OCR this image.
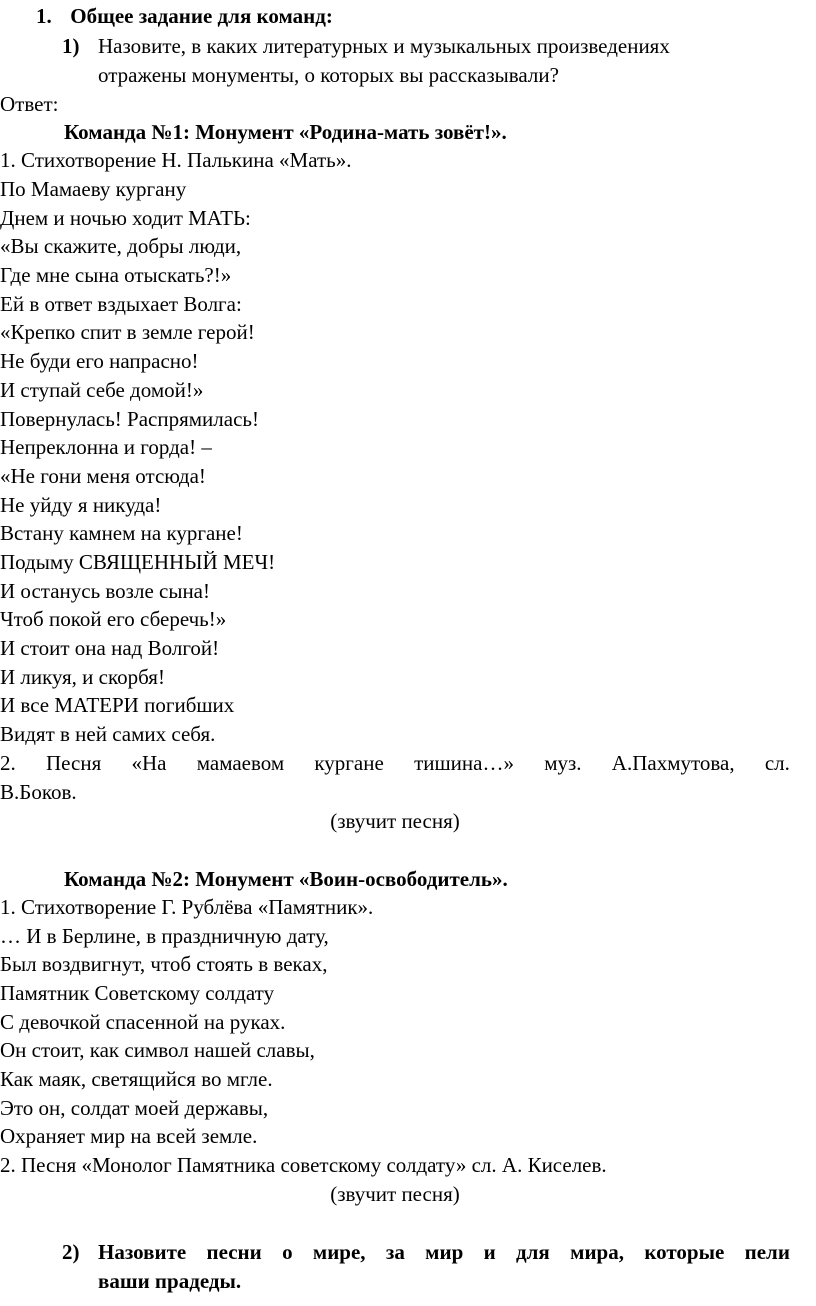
1. Общее задание для команд:
1) Назовите, в каких литературных и музыкальных произведениях
отражены монументы, о которых вы рассказывали?
Ответ:
Команда №1: Монумент «Родина-мать зовёт!».
1. Стихотворение Н. Палькина «Мать».
По Мамаеву кургану
Днем и ночью ходит МАТЬ:
«Вы скажите, добры люди,
Где мне сына отыскать?!»
Ей в ответ вздыхает Волга:
«Крепко спит в земле герой!
Не буди его напрасно!
И ступай себе домой!»
Повернулась! Распрямилась!
Непреклонна и горда! –
«Не гони меня отсюда!
Не уйду я никуда!
Встану камнем на кургане!
Подыму СВЯЩЕННЫЙ МЕЧ!
И останусь возле сына!
Чтоб покой его сберечь!»
И стоит она над Волгой!
И ликуя, и скорбя!
И все МАТЕРИ погибших
Видят в ней самих себя.
2. Песня «На мамаевом кургане тишина…» муз. А.Пахмутова, сл.
В.Боков.
(звучит песня)
Команда №2: Монумент «Воин-освободитель».
1. Стихотворение Г. Рублёва «Памятник».
… И в Берлине, в праздничную дату,
Был воздвигнут, чтоб стоять в веках,
Памятник Советскому солдату
С девочкой спасенной на руках.
Он стоит, как символ нашей славы,
Как маяк, светящийся во мгле.
Это он, солдат моей державы,
Охраняет мир на всей земле.
2. Песня «Монолог Памятника советскому солдату» сл. А. Киселев.
(звучит песня)
2) Назовите песни о мире, за мир и для мира, которые пели
ваши прадеды.
